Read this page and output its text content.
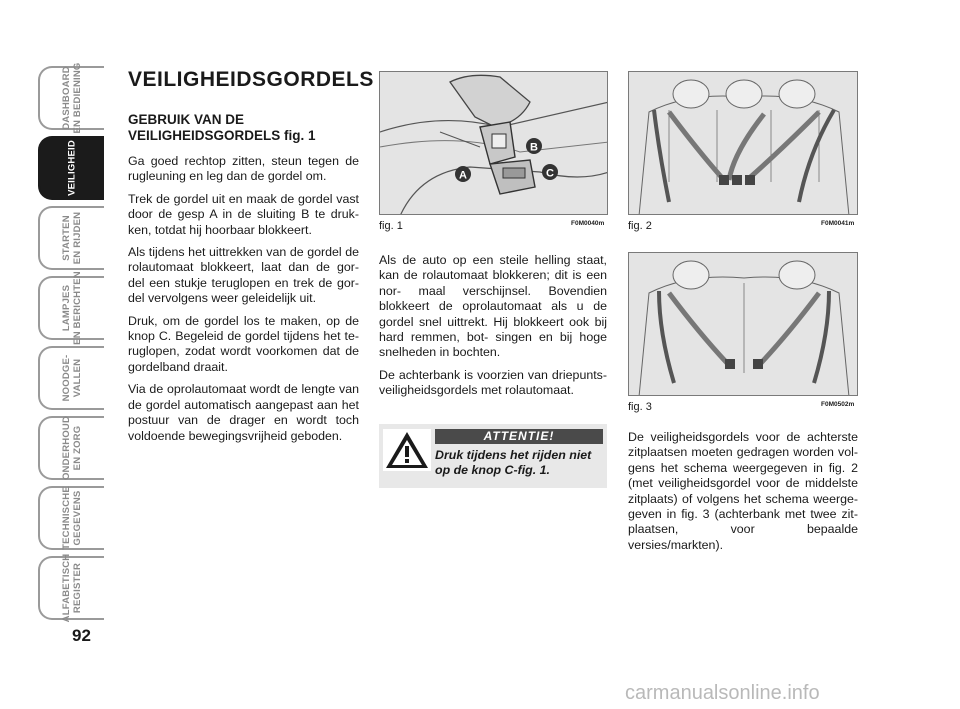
DASHBOARD
EN BEDIENING
VEILIGHEID
STARTEN
EN RIJDEN
LAMPJES
EN BERICHTEN
NOODGE-
VALLEN
ONDERHOUD
EN ZORG
TECHNISCHE
GEGEVENS
ALFABETISCH
REGISTER
92
VEILIGHEIDSGORDELS
GEBRUIK VAN DE VEILIGHEIDSGORDELS fig. 1

Ga goed rechtop zitten, steun tegen de rugleuning en leg dan de gordel om.

Trek de gordel uit en maak de gordel vast door de gesp A in de sluiting B te druk- ken, totdat hij hoorbaar blokkeert.

Als tijdens het uittrekken van de gordel de rolautomaat blokkeert, laat dan de gor- del een stukje teruglopen en trek de gor- del vervolgens weer geleidelijk uit.

Druk, om de gordel los te maken, op de knop C. Begeleid de gordel tijdens het te- ruglopen, zodat wordt voorkomen dat de gordelband draait.

Via de oprolautomaat wordt de lengte van de gordel automatisch aangepast aan het postuur van de drager en wordt toch voldoende bewegingsvrijheid geboden.

A
B
C
fig. 1	F0M0040m fig. 2	F0M0041m
fig. 3	F0M0502m

Als de auto op een steile helling staat, kan de rolautomaat blokkeren; dit is een nor- maal verschijnsel. Bovendien blokkeert de oprolautomaat als u de gordel snel uittrekt. Hij blokkeert ook bij hard remmen, bot- singen en bij hoge snelheden in bochten.

De achterbank is voorzien van driepunts- veiligheidsgordels met rolautomaat.

ATTENTIE!
Druk tijdens het rijden niet op de knop C-fig. 1.

De veiligheidsgordels voor de achterste zitplaatsen moeten gedragen worden vol- gens het schema weergegeven in fig. 2 (met veiligheidsgordel voor de middelste zitplaats) of volgens het schema weerge- geven in fig. 3 (achterbank met twee zit- plaatsen, voor bepaalde versies/markten).

carmanualsonline.info
